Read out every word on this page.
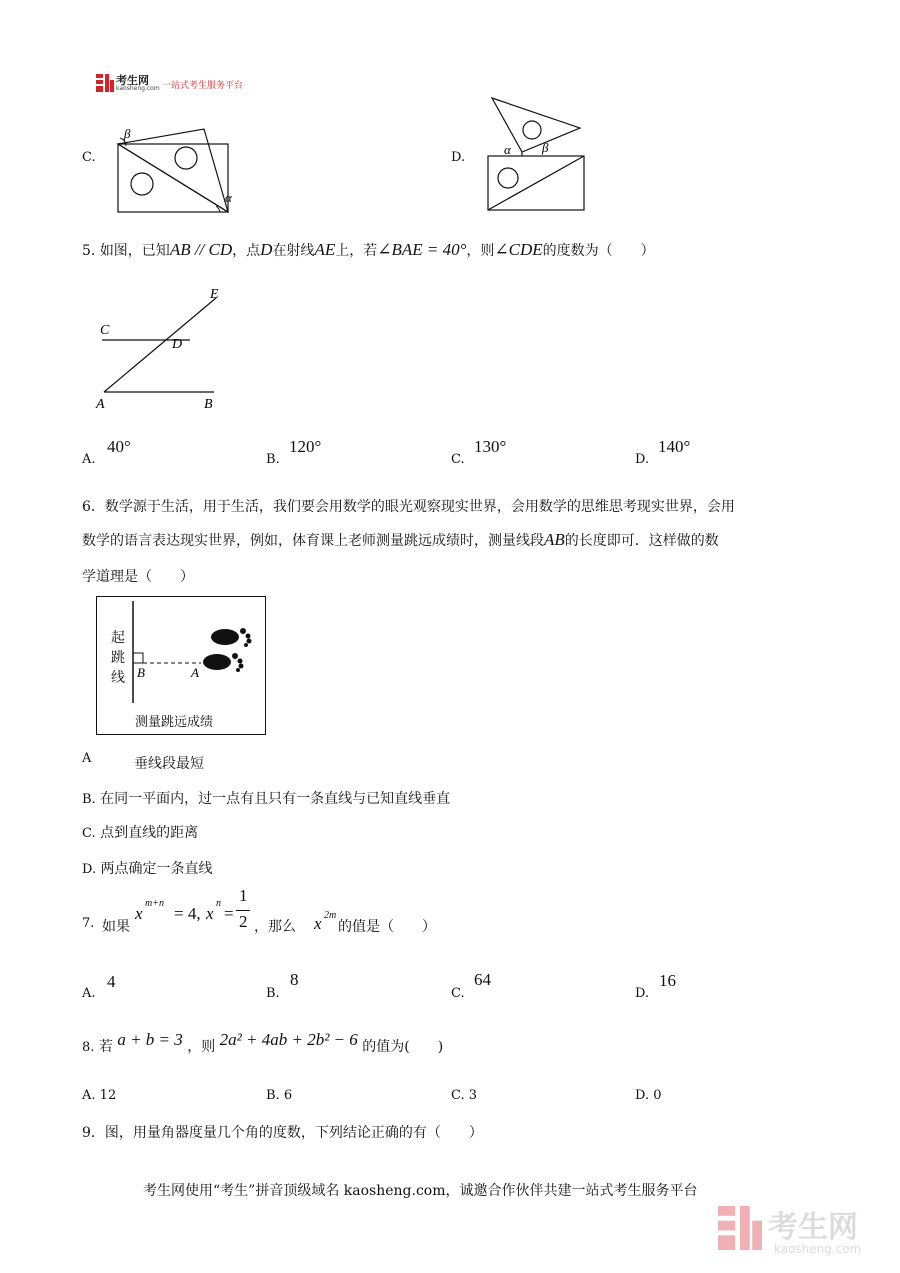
考生网
kaosheng.com 一站式考生服务平台
C.
β
α
D.
α β
5. 如图，已知AB // CD，点D在射线AE上，若∠BAE = 40°，则∠CDE的度数为（　　）
E
C
D
A	B
A.
40°
B.
120°
C.
130°
D.
140°
6．数学源于生活，用于生活，我们要会用数学的眼光观察现实世界，会用数学的思维思考现实世界，会用
数学的语言表达现实世界，例如，体育课上老师测量跳远成绩时，测量线段AB的长度即可．这样做的数
学道理是（　　）
B	A
起
跳
线
测量跳远成绩
A	垂线段最短
B. 在同一平面内，过一点有且只有一条直线与已知直线垂直
C. 点到直线的距离
D. 两点确定一条直线
7. 如果
x
m+n
= 4, x
n
=
1
2 ，那么 x 2m
的值是（　　）
A.
4
B.
8
C.
64
D.
16
8. 若 a + b = 3 ，则 2a² + 4ab + 2b² − 6 的值为(　　)
A. 12	B. 6	C. 3	D. 0
9．图，用量角器度量几个角的度数，下列结论正确的有（　　）
考生网使用“考生”拼音顶级域名 kaosheng.com，诚邀合作伙伴共建一站式考生服务平台
考生网
kaosheng.com
